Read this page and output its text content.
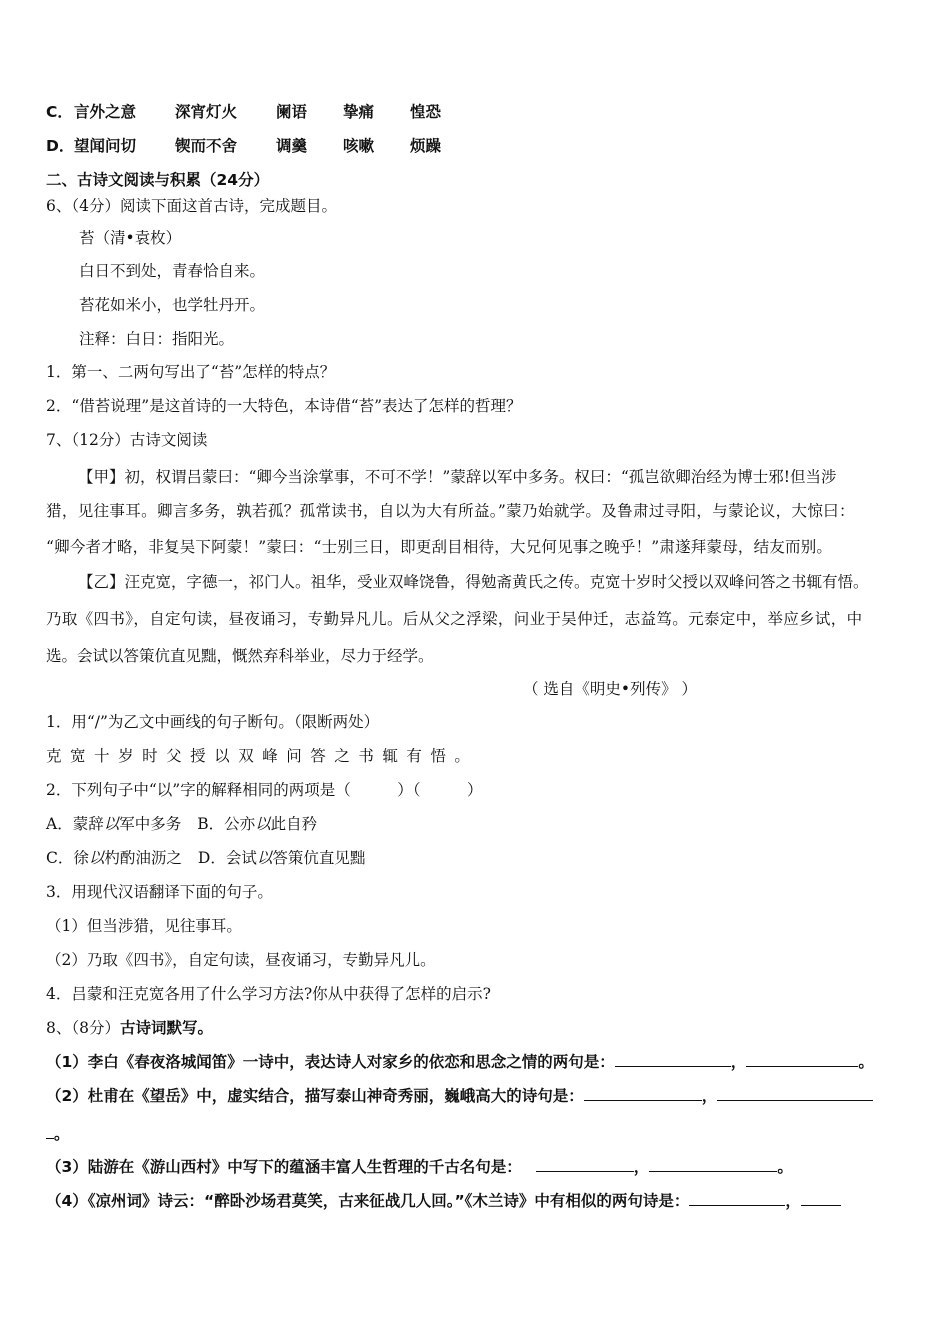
C．言外之意	深宵灯火	阑语 挚痛 惶恐
D．望闻问切	锲而不舍	调羹 咳嗽 烦躁
二、古诗文阅读与积累（24分）
6、（4分）阅读下面这首古诗，完成题目。
苔（清•袁枚）
白日不到处，青春恰自来。
苔花如米小，也学牡丹开。
注释：白日：指阳光。
1．第一、二两句写出了“苔”怎样的特点？
2．“借苔说理”是这首诗的一大特色，本诗借“苔”表达了怎样的哲理？
7、（12分）古诗文阅读
【甲】初，权谓吕蒙曰：“卿今当涂掌事，不可不学！”蒙辞以军中多务。权曰：“孤岂欲卿治经为博士邪!但当涉
猎，见往事耳。卿言多务，孰若孤？孤常读书，自以为大有所益。”蒙乃始就学。及鲁肃过寻阳，与蒙论议，大惊曰：
“卿今者才略，非复吴下阿蒙！”蒙曰：“士别三日，即更刮目相待，大兄何见事之晚乎！”肃遂拜蒙母，结友而别。
【乙】汪克宽，字德一，祁门人。祖华，受业双峰饶鲁，得勉斋黄氏之传。克宽十岁时父授以双峰问答之书辄有悟。
乃取《四书》，自定句读，昼夜诵习，专勤异凡儿。后从父之浮梁，问业于吴仲迁，志益笃。元泰定中，举应乡试，中
选。会试以答策伉直见黜，慨然弃科举业，尽力于经学。
（ 选自《明史•列传》 ）
1．用“/”为乙文中画线的句子断句。（限断两处）
克宽十岁时父授以双峰问答之书辄有悟。
2．下列句子中“以”字的解释相同的两项是（　　　）（　　　）
A．蒙辞以军中多务 B．公亦以此自矜
C．徐以杓酌油沥之 D．会试以答策伉直见黜
3．用现代汉语翻译下面的句子。
（1）但当涉猎，见往事耳。
（2）乃取《四书》，自定句读，昼夜诵习，专勤异凡儿。
4．吕蒙和汪克宽各用了什么学习方法?你从中获得了怎样的启示?
8、（8分）古诗词默写。
（1）李白《春夜洛城闻笛》一诗中，表达诗人对家乡的依恋和思念之情的两句是：	，	。
（2）杜甫在《望岳》中，虚实结合，描写泰山神奇秀丽，巍峨高大的诗句是：	，
。
（3）陆游在《游山西村》中写下的蕴涵丰富人生哲理的千古名句是：	，	。
（4）《凉州词》诗云：“醉卧沙场君莫笑，古来征战几人回。”《木兰诗》中有相似的两句诗是：	，
